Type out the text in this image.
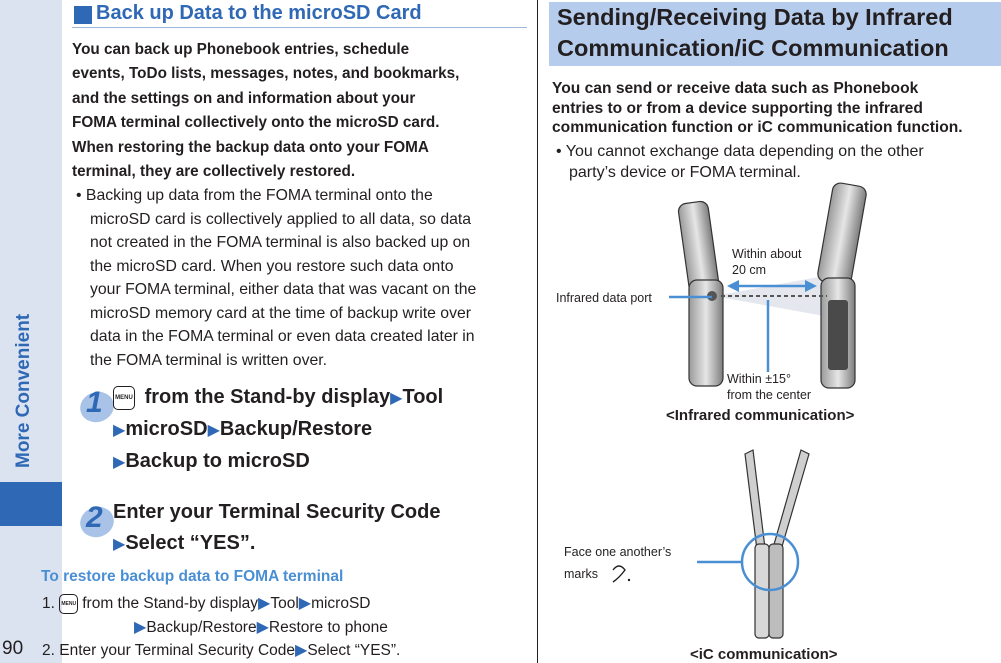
More Convenient
90
Back up Data to the microSD Card
You can back up Phonebook entries, schedule
events, ToDo lists, messages, notes, and bookmarks,
and the settings on and information about your
FOMA terminal collectively onto the microSD card.
When restoring the backup data onto your FOMA
terminal, they are collectively restored.
• Backing up data from the FOMA terminal onto the
microSD card is collectively applied to all data, so data
not created in the FOMA terminal is also backed up on
the microSD card. When you restore such data onto
your FOMA terminal, either data that was vacant on the
microSD memory card at the time of backup write over
data in the FOMA terminal or even data created later in
the FOMA terminal is written over.
1	MENU from the Stand-by display▶Tool
▶microSD▶Backup/Restore
▶Backup to microSD
2 Enter your Terminal Security Code
▶Select “YES”.
To restore backup data to FOMA terminal
1. MENU from the Stand-by display▶Tool▶microSD
▶Backup/Restore▶Restore to phone
2. Enter your Terminal Security Code▶Select “YES”.
Sending/Receiving Data by Infrared
Communication/iC Communication
You can send or receive data such as Phonebook
entries to or from a device supporting the infrared
communication function or iC communication function.
• You cannot exchange data depending on the other
party’s device or FOMA terminal.
Infrared data port
Within about
20 cm
Within ±15°
from the center
<Infrared communication>
Face one another’s
marks
<iC communication>
